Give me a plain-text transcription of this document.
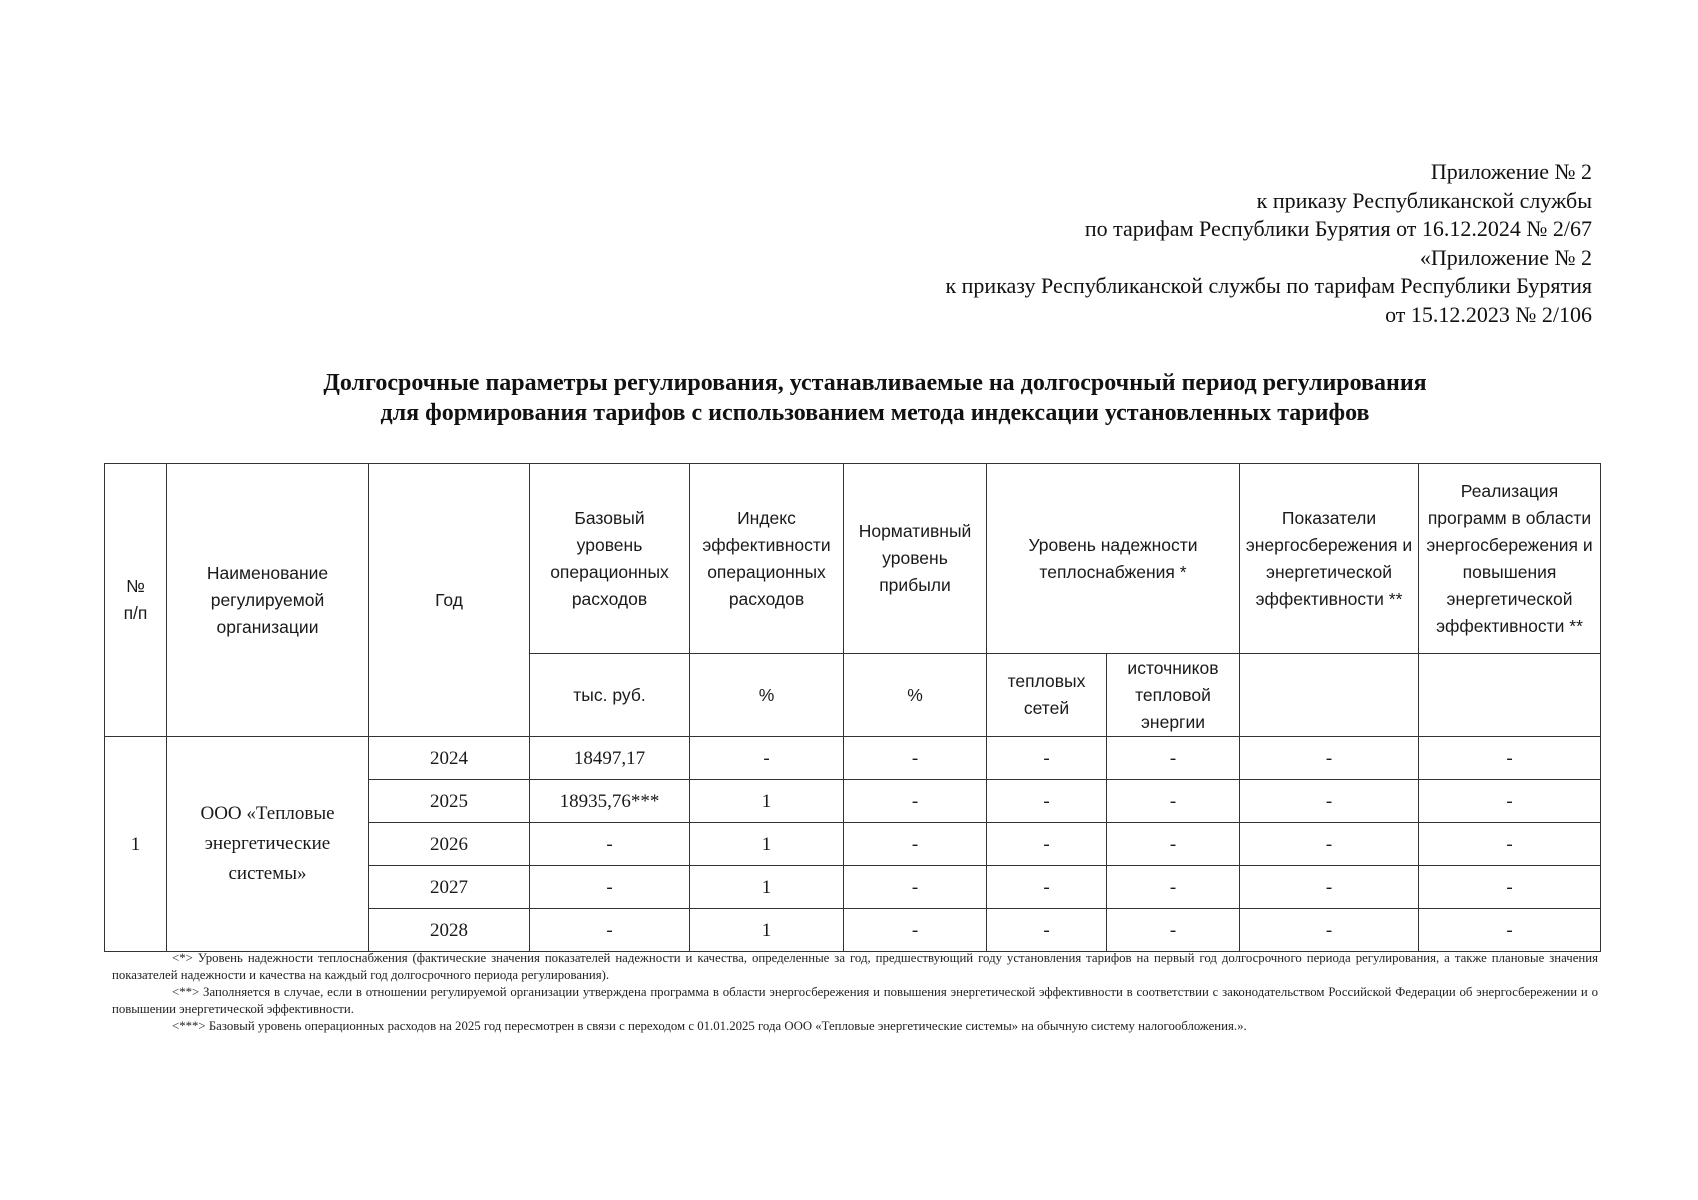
Приложение № 2
к приказу Республиканской службы
по тарифам Республики Бурятия от 16.12.2024 № 2/67
«Приложение № 2
к приказу Республиканской службы по тарифам Республики Бурятия
от 15.12.2023 № 2/106
Долгосрочные параметры регулирования, устанавливаемые на долгосрочный период регулирования
для формирования тарифов с использованием метода индексации установленных тарифов
№ п/п	Наименование регулируемой организации	Год	Базовый уровень операционных расходов	Индекс эффективности операционных расходов	Нормативный уровень прибыли	Уровень надежности теплоснабжения *		Показатели энергосбережения и энергетической эффективности **	Реализация программ в области энергосбережения и повышения энергетической эффективности **
			тыс. руб.	%	%	тепловых сетей	источников тепловой энергии		
1	ООО «Тепловые энергетические системы»	2024	18497,17	-	-	-	-	-	-
		2025	18935,76***	1	-	-	-	-	-
		2026	-	1	-	-	-	-	-
		2027	-	1	-	-	-	-	-
		2028	-	1	-	-	-	-	-

<*> Уровень надежности теплоснабжения (фактические значения показателей надежности и качества, определенные за год, предшествующий году установления тарифов на первый год долгосрочного периода регулирования, а также плановые значения показателей надежности и качества на каждый год долгосрочного периода регулирования).

<**> Заполняется в случае, если в отношении регулируемой организации утверждена программа в области энергосбережения и повышения энергетической эффективности в соответствии с законодательством Российской Федерации об энергосбережении и о повышении энергетической эффективности.

<***> Базовый уровень операционных расходов на 2025 год пересмотрен в связи с переходом с 01.01.2025 года ООО «Тепловые энергетические системы» на обычную систему налогообложения.».
